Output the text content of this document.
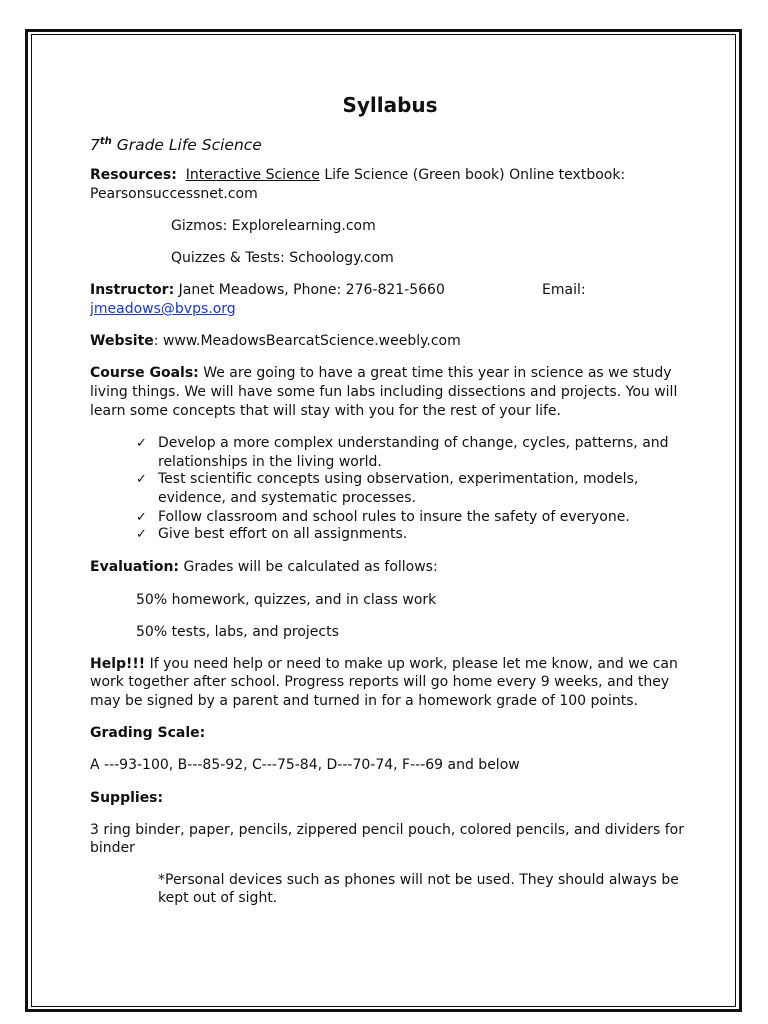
Syllabus
7th Grade Life Science
Resources: Interactive Science Life Science (Green book) Online textbook:
Pearsonsuccessnet.com
Gizmos: Explorelearning.com
Quizzes & Tests: Schoology.com
Instructor: Janet Meadows, Phone: 276-821-5660	Email:
jmeadows@bvps.org
Website: www.MeadowsBearcatScience.weebly.com
Course Goals: We are going to have a great time this year in science as we study
living things. We will have some fun labs including dissections and projects. You will
learn some concepts that will stay with you for the rest of your life.
✓ Develop a more complex understanding of change, cycles, patterns, and
relationships in the living world.
✓ Test scientific concepts using observation, experimentation, models,
evidence, and systematic processes.
✓ Follow classroom and school rules to insure the safety of everyone.
✓ Give best effort on all assignments.
Evaluation: Grades will be calculated as follows:
50% homework, quizzes, and in class work
50% tests, labs, and projects
Help!!! If you need help or need to make up work, please let me know, and we can
work together after school. Progress reports will go home every 9 weeks, and they
may be signed by a parent and turned in for a homework grade of 100 points.
Grading Scale:
A ---93-100, B---85-92, C---75-84, D---70-74, F---69 and below
Supplies:
3 ring binder, paper, pencils, zippered pencil pouch, colored pencils, and dividers for
binder
*Personal devices such as phones will not be used. They should always be
kept out of sight.
